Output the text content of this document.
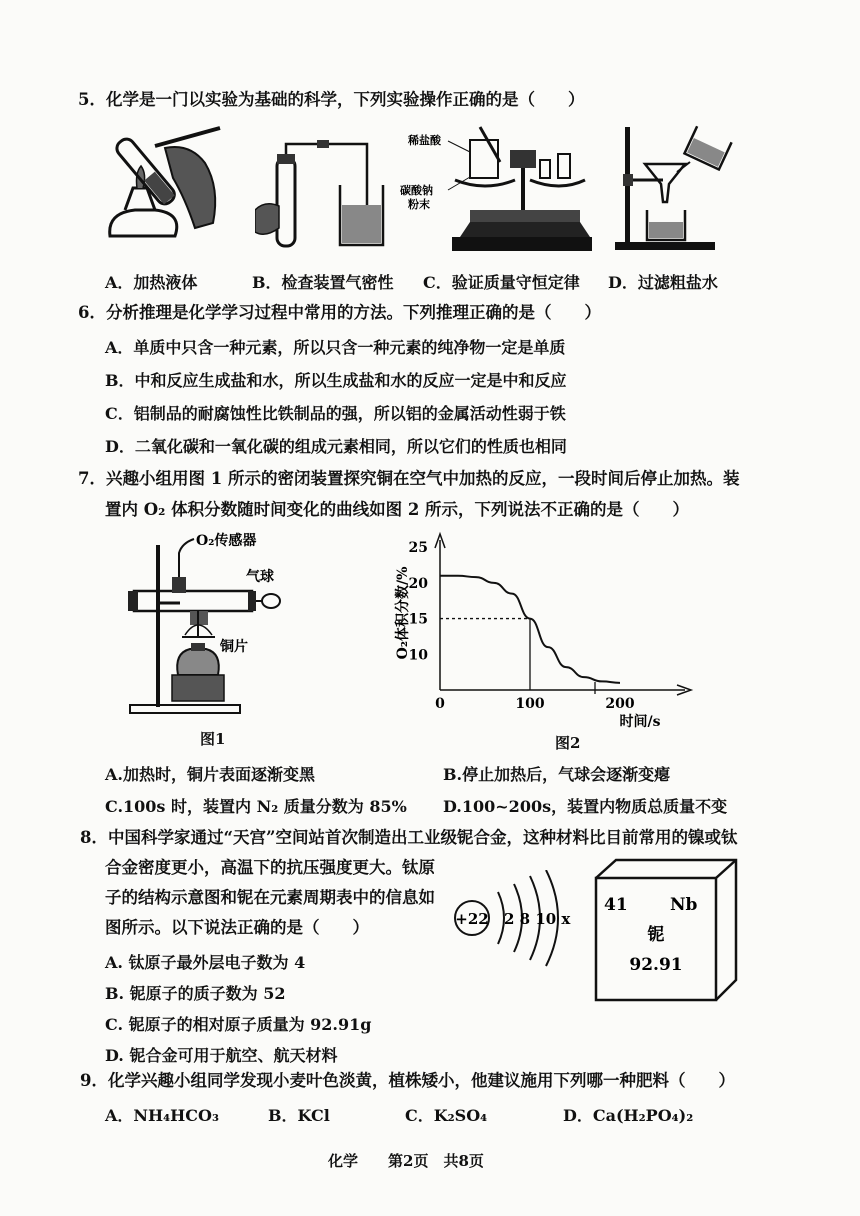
5．化学是一门以实验为基础的科学，下列实验操作正确的是（　　）
稀盐酸
碳酸钠
粉末
A．加热液体	B．检查装置气密性 C．验证质量守恒定律 D．过滤粗盐水
6．分析推理是化学学习过程中常用的方法。下列推理正确的是（　　）
A．单质中只含一种元素，所以只含一种元素的纯净物一定是单质
B．中和反应生成盐和水，所以生成盐和水的反应一定是中和反应
C．铝制品的耐腐蚀性比铁制品的强，所以铝的金属活动性弱于铁
D．二氧化碳和一氧化碳的组成元素相同，所以它们的性质也相同
7．兴趣小组用图 1 所示的密闭装置探究铜在空气中加热的反应，一段时间后停止加热。装
置内 O₂ 体积分数随时间变化的曲线如图 2 所示，下列说法不正确的是（　　）
O₂传感器
气球
铜片
图1
10
15
20
25
0	100	200
O₂体积分数/%
时间/s
图2
A.加热时，铜片表面逐渐变黑	B.停止加热后，气球会逐渐变瘪
C.100s 时，装置内 N₂ 质量分数为 85% D.100~200s，装置内物质总质量不变
8．中国科学家通过“天宫”空间站首次制造出工业级铌合金，这种材料比目前常用的镍或钛
合金密度更小，高温下的抗压强度更大。钛原
子的结构示意图和铌在元素周期表中的信息如
图所示。以下说法正确的是（　　）
A. 钛原子最外层电子数为 4
B. 铌原子的质子数为 52
C. 铌原子的相对原子质量为 92.91g
D. 铌合金可用于航空、航天材料
+22 2 8 10 x
41 Nb
铌
92.91
9．化学兴趣小组同学发现小麦叶色淡黄，植株矮小，他建议施用下列哪一种肥料（　　）
A．NH₄HCO₃	B．KCl	C．K₂SO₄	D．Ca(H₂PO₄)₂
化学　　第2页　共8页
